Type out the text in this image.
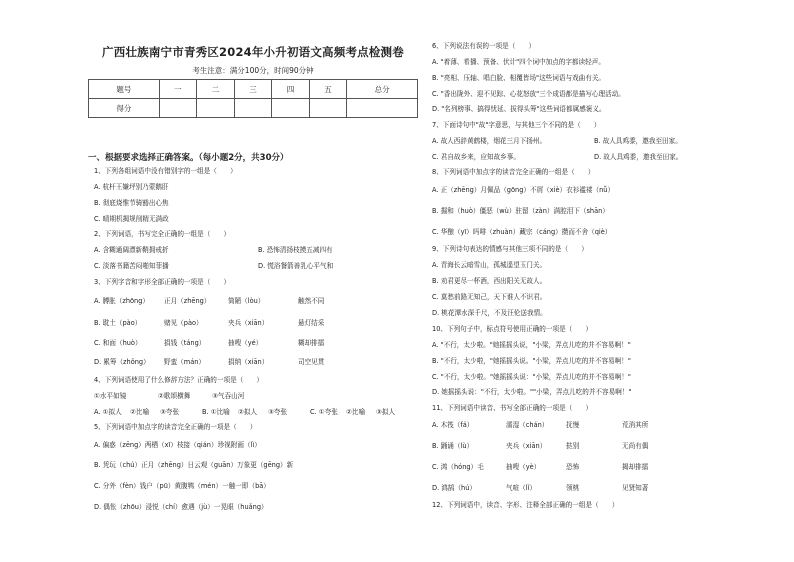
广西壮族南宁市青秀区2024年小升初语文高频考点检测卷
考生注意：满分100分，时间90分钟
题号	一	二	三	四	五	总分
得分						
一、根据要求选择正确答案。（每小题2分，共30分）
1、下列各组词语中没有错别字的一组是（　　）
A. 杭杆王嫌坪别乃蒙鹅肝
B. 彻底烧惟节骑豁出心焦
C. 晴期机揭规削精无满政
2、下列词语，书写完全正确的一组是（　　）
A. 含糊通阔漂新鞘拥戒折	B. 恐怖清扬枝摸五减四有
C. 淡落书籍苦闷啪知菲播	D. 慌浴餐箭善乳心平气和
3、下列字音和字形全部正确的一项是（　　）
A. 膊胀（zhōng） 正月（zhēng）	简陋（lòu）	触然不同
B. 耽土（pào）	赌见（pào）	夹兵（xiān）	悬灯结采
C. 和面（huò）	捐钱（táng）	抽嗖（yé）	糊却排擂
D. 累筹（zhǒng） 野蛮（mán）	捐纳（xiān）	司空见贯
4、下列词语使用了什么修辞方法？正确的一项是（　　）
①水平如镜	②歌颂横舞	③气吞山河
A. ①拟人 ②比喻 ③夸张	B. ①比喻 ②拟人 ③夸张	C. ①夸张 ②比喻 ③拟人
5、下列词语中加点字的读音完全正确的一项是（　　）
A. 偏惑（zēng）两栖（xī）枝接（qián）珍视附画（lì）
B. 凭玩（chú）正月（zhēng）日云观（guān）万象更（gēng）新
C. 分外（fèn）钱户（pū）黄腹鸭（mén）一触一即（bā）
D. 偶怅（zhōu）浸悦（chí）愈遇（jù）一晃眼（huǎng）
6、下列说法有误的一项是（　　）
A. "着薄、希播、预备、伏计"四个词中加点的字都读轻声。
B. "亮相、压轴、唱白脸、相覆皆场"这些词语与戏曲有关。
C. "香出陇外、迎不见踪、心花怒放"三个成语都是描写心理活动。
D. "名列榜事、搞得忧延、拔得头筹"这些词语都属感褒义。
7、下面诗句中"故"字意思，与其他三个不同的是（　　）
A. 故人西辞黄鹤楼，烟花三月下扬州。	B. 故人具鸡黍，邀我至田家。
C. 君自故乡来，应知故乡事。	D. 故人具鸡黍，邀我至田家。
8、下列词语中加点字的读音完全正确的一组是（　　）
A. 正（zhēng）月佩品（gōng）不屑（xiè）衣衫褴褛（nǚ）
B. 掘和（huò）僵恶（wù）驻留（zàn）满腔泪下（shān）
C. 华酿（yī）吗啡（zhuàn）藏宗（cáng）攒而不舍（qiè）
9、下列诗句表达的情感与其他三项不同的是（　　）
A. 青海长云暗雪山，孤城遥望玉门关。
B. 劝君更尽一杯酒，西出阳关无故人。
C. 莫愁前路无知己，天下谁人不识君。
D. 桃花潭水深千尺，不及汪伦送我情。
10、下列句子中，标点符号使用正确的一项是（　　）
A. "不行，太少啦。"她摇摇头说，"小梁，弄点儿吃的并不容易啊！"
B. "不行，太少啦，"她摇摇头说。"小梁，弄点儿吃的并不容易啊！"
C. "不行，太少啦。"她摇摇头说："小梁，弄点儿吃的并不容易啊！"
D. 她摇摇头说："不行，太少啦。""小梁，弄点儿吃的并不容易啊！"
11、下列词语中读音、书写全部正确的一项是（　　）
A. 木筏（fá）	濡湿（chán）	抚慢	荒消其所
B. 踊诵（lù）	夹兵（xiān）	挞别	无尚有偶
C. 鸿（hóng）毛	抽嗖（yè）	恐怖	揭却排擂
D. 鸿鹄（hú）	气喧（lǐ）	领桃	见贤知著
12、下列词语中，读音、字形、注释全部正确的一组是（　　）
